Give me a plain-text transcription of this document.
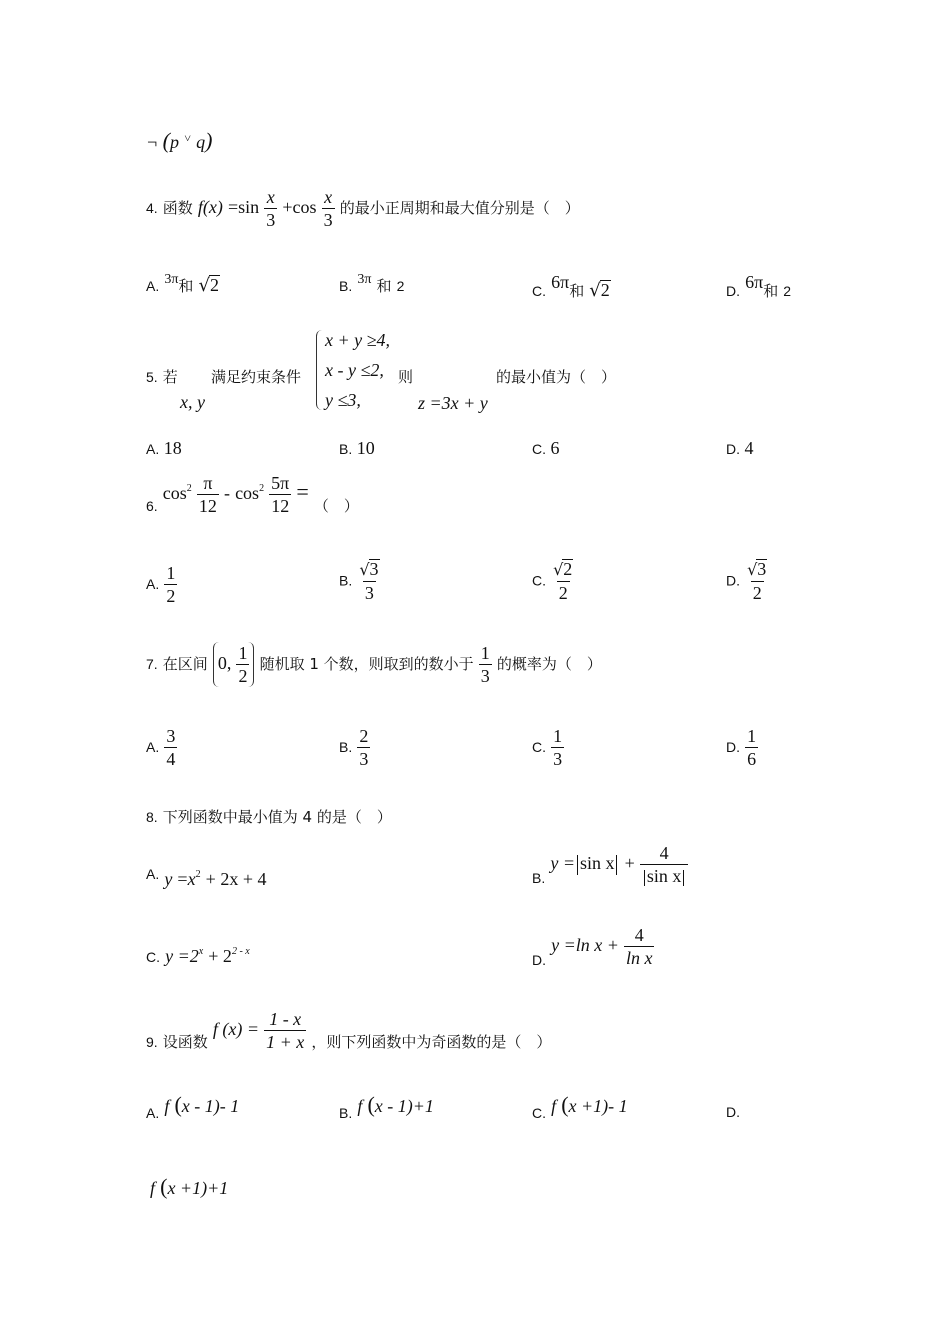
¬ (p ˅ q)
4. 函数 $f(x) =\sin \frac{x}{3} +\cos \frac{x}{3}$ 的最小正周期和最大值分别是（　）
A. 3π和 √2	B. 3π 和 2	C. 6π和 √2	D. 6π和 2
5. 若
x, y
满足约束条件
x + y ≥4,
x - y ≤2,
y ≤3,
则
z =3x + y
的最小值为（　）
A. 18	B. 10	C. 6	D. 4
6. $\cos^2 \frac{\pi}{12} - \cos^2 \frac{5\pi}{12}$ = （　）
A. $\frac{1}{2}$	B. $\frac{√3}{3}$	C. $\frac{√2}{2}$	D. $\frac{√3}{2}$
7. 在区间 0, $\frac{1}{2}$ 随机取 1 个数，则取到的数小于 $\frac{1}{3}$ 的概率为（　）
A. $\frac{3}{4}$	B. $\frac{2}{3}$	C. $\frac{1}{3}$	D. $\frac{1}{6}$
8. 下列函数中最小值为 4 的是（　）
A. $y =x^2 + 2x + 4$	B. $y = \sin x + \frac{4}{\text{sin x}}$
C. $y =2^x + 2^{2 - x}$
D. y =ln $x + \frac{4}{\text{ln x}}$
9. 设函数 f $(x) = \frac{1 - x}{1 + x}$ ，则下列函数中为奇函数的是（　）
A. f (x - 1)- 1	B. f (x - 1)+1	C. f (x +1)- 1	D.
f (x +1)+1
